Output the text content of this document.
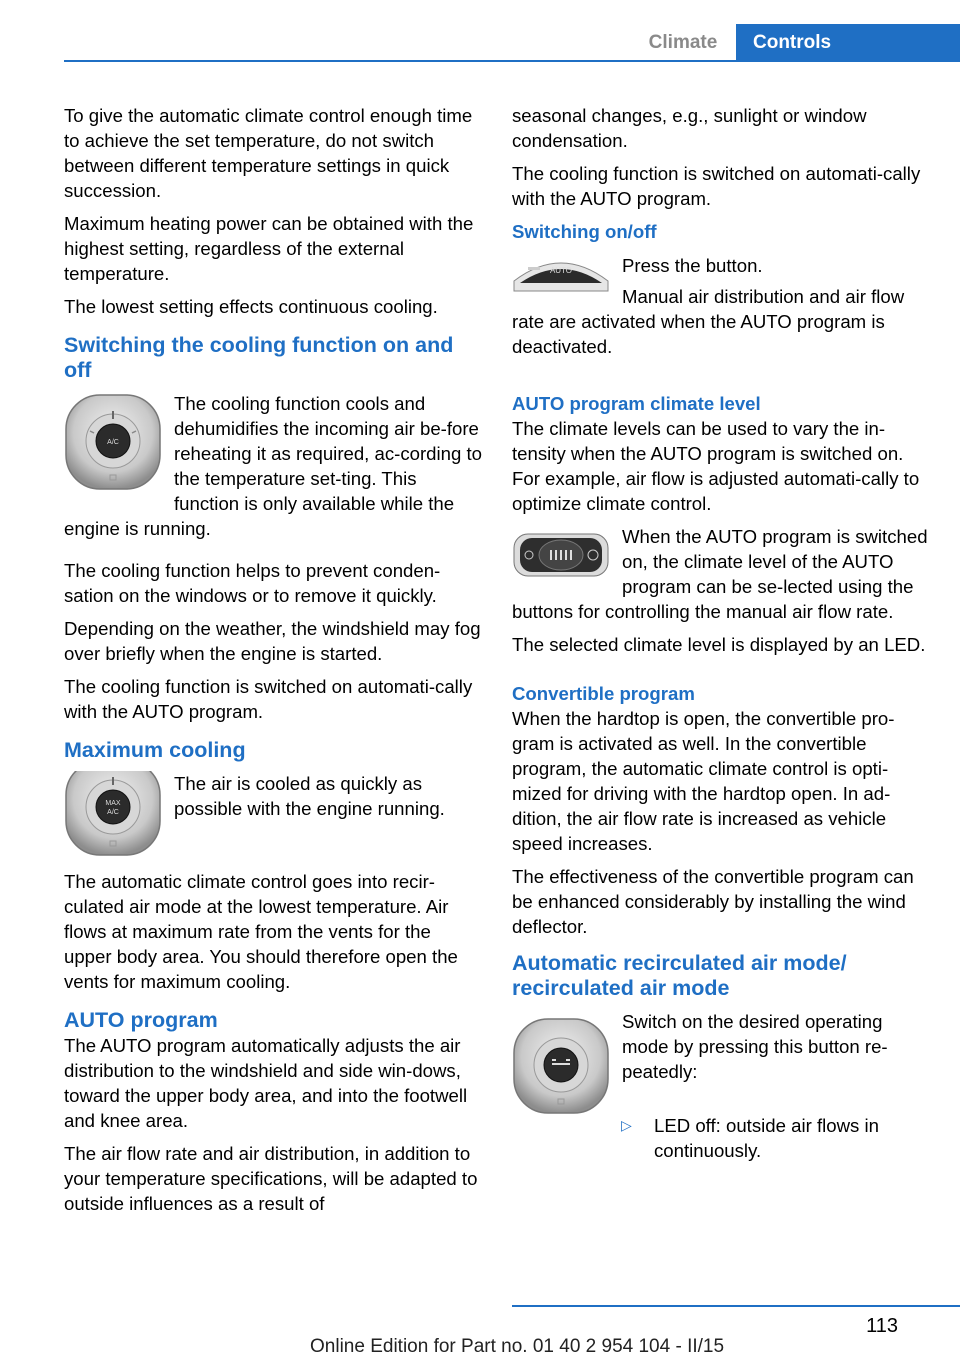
Climate	Controls

To give the automatic climate control enough time to achieve the set temperature, do not switch between different temperature settings in quick succession.

Maximum heating power can be obtained with the highest setting, regardless of the external temperature.

The lowest setting effects continuous cooling.

Switching the cooling function on and off
A/C

The cooling function cools and dehumidifies the incoming air be-fore reheating it as required, ac-cording to the temperature set-ting. This function is only available while the engine is running.

The cooling function helps to prevent conden-sation on the windows or to remove it quickly.

Depending on the weather, the windshield may fog over briefly when the engine is started.

The cooling function is switched on automati-cally with the AUTO program.

Maximum cooling
MAX
A/C

The air is cooled as quickly as possible with the engine running.

The automatic climate control goes into recir-culated air mode at the lowest temperature. Air flows at maximum rate from the vents for the upper body area. You should therefore open the vents for maximum cooling.

AUTO program

The AUTO program automatically adjusts the air distribution to the windshield and side win-dows, toward the upper body area, and into the footwell and knee area.

The air flow rate and air distribution, in addition to your temperature specifications, will be adapted to outside influences as a result of

seasonal changes, e.g., sunlight or window condensation.

The cooling function is switched on automati-cally with the AUTO program.

Switching on/off
AUTO	Press the button.

Manual air distribution and air flow rate are activated when the AUTO program is deactivated.

AUTO program climate level

The climate levels can be used to vary the in-tensity when the AUTO program is switched on. For example, air flow is adjusted automati-cally to optimize climate control.

When the AUTO program is switched on, the climate level of the AUTO program can be se-lected using the buttons for controlling the manual air flow rate.

The selected climate level is displayed by an LED.

Convertible program

When the hardtop is open, the convertible pro-gram is activated as well. In the convertible program, the automatic climate control is opti-mized for driving with the hardtop open. In ad-dition, the air flow rate is increased as vehicle speed increases.

The effectiveness of the convertible program can be enhanced considerably by installing the wind deflector.

Automatic recirculated air mode/ recirculated air mode

Switch on the desired operating mode by pressing this button re-peatedly:

▷	LED off: outside air flows in continuously.
113
Online Edition for Part no. 01 40 2 954 104 - II/15
